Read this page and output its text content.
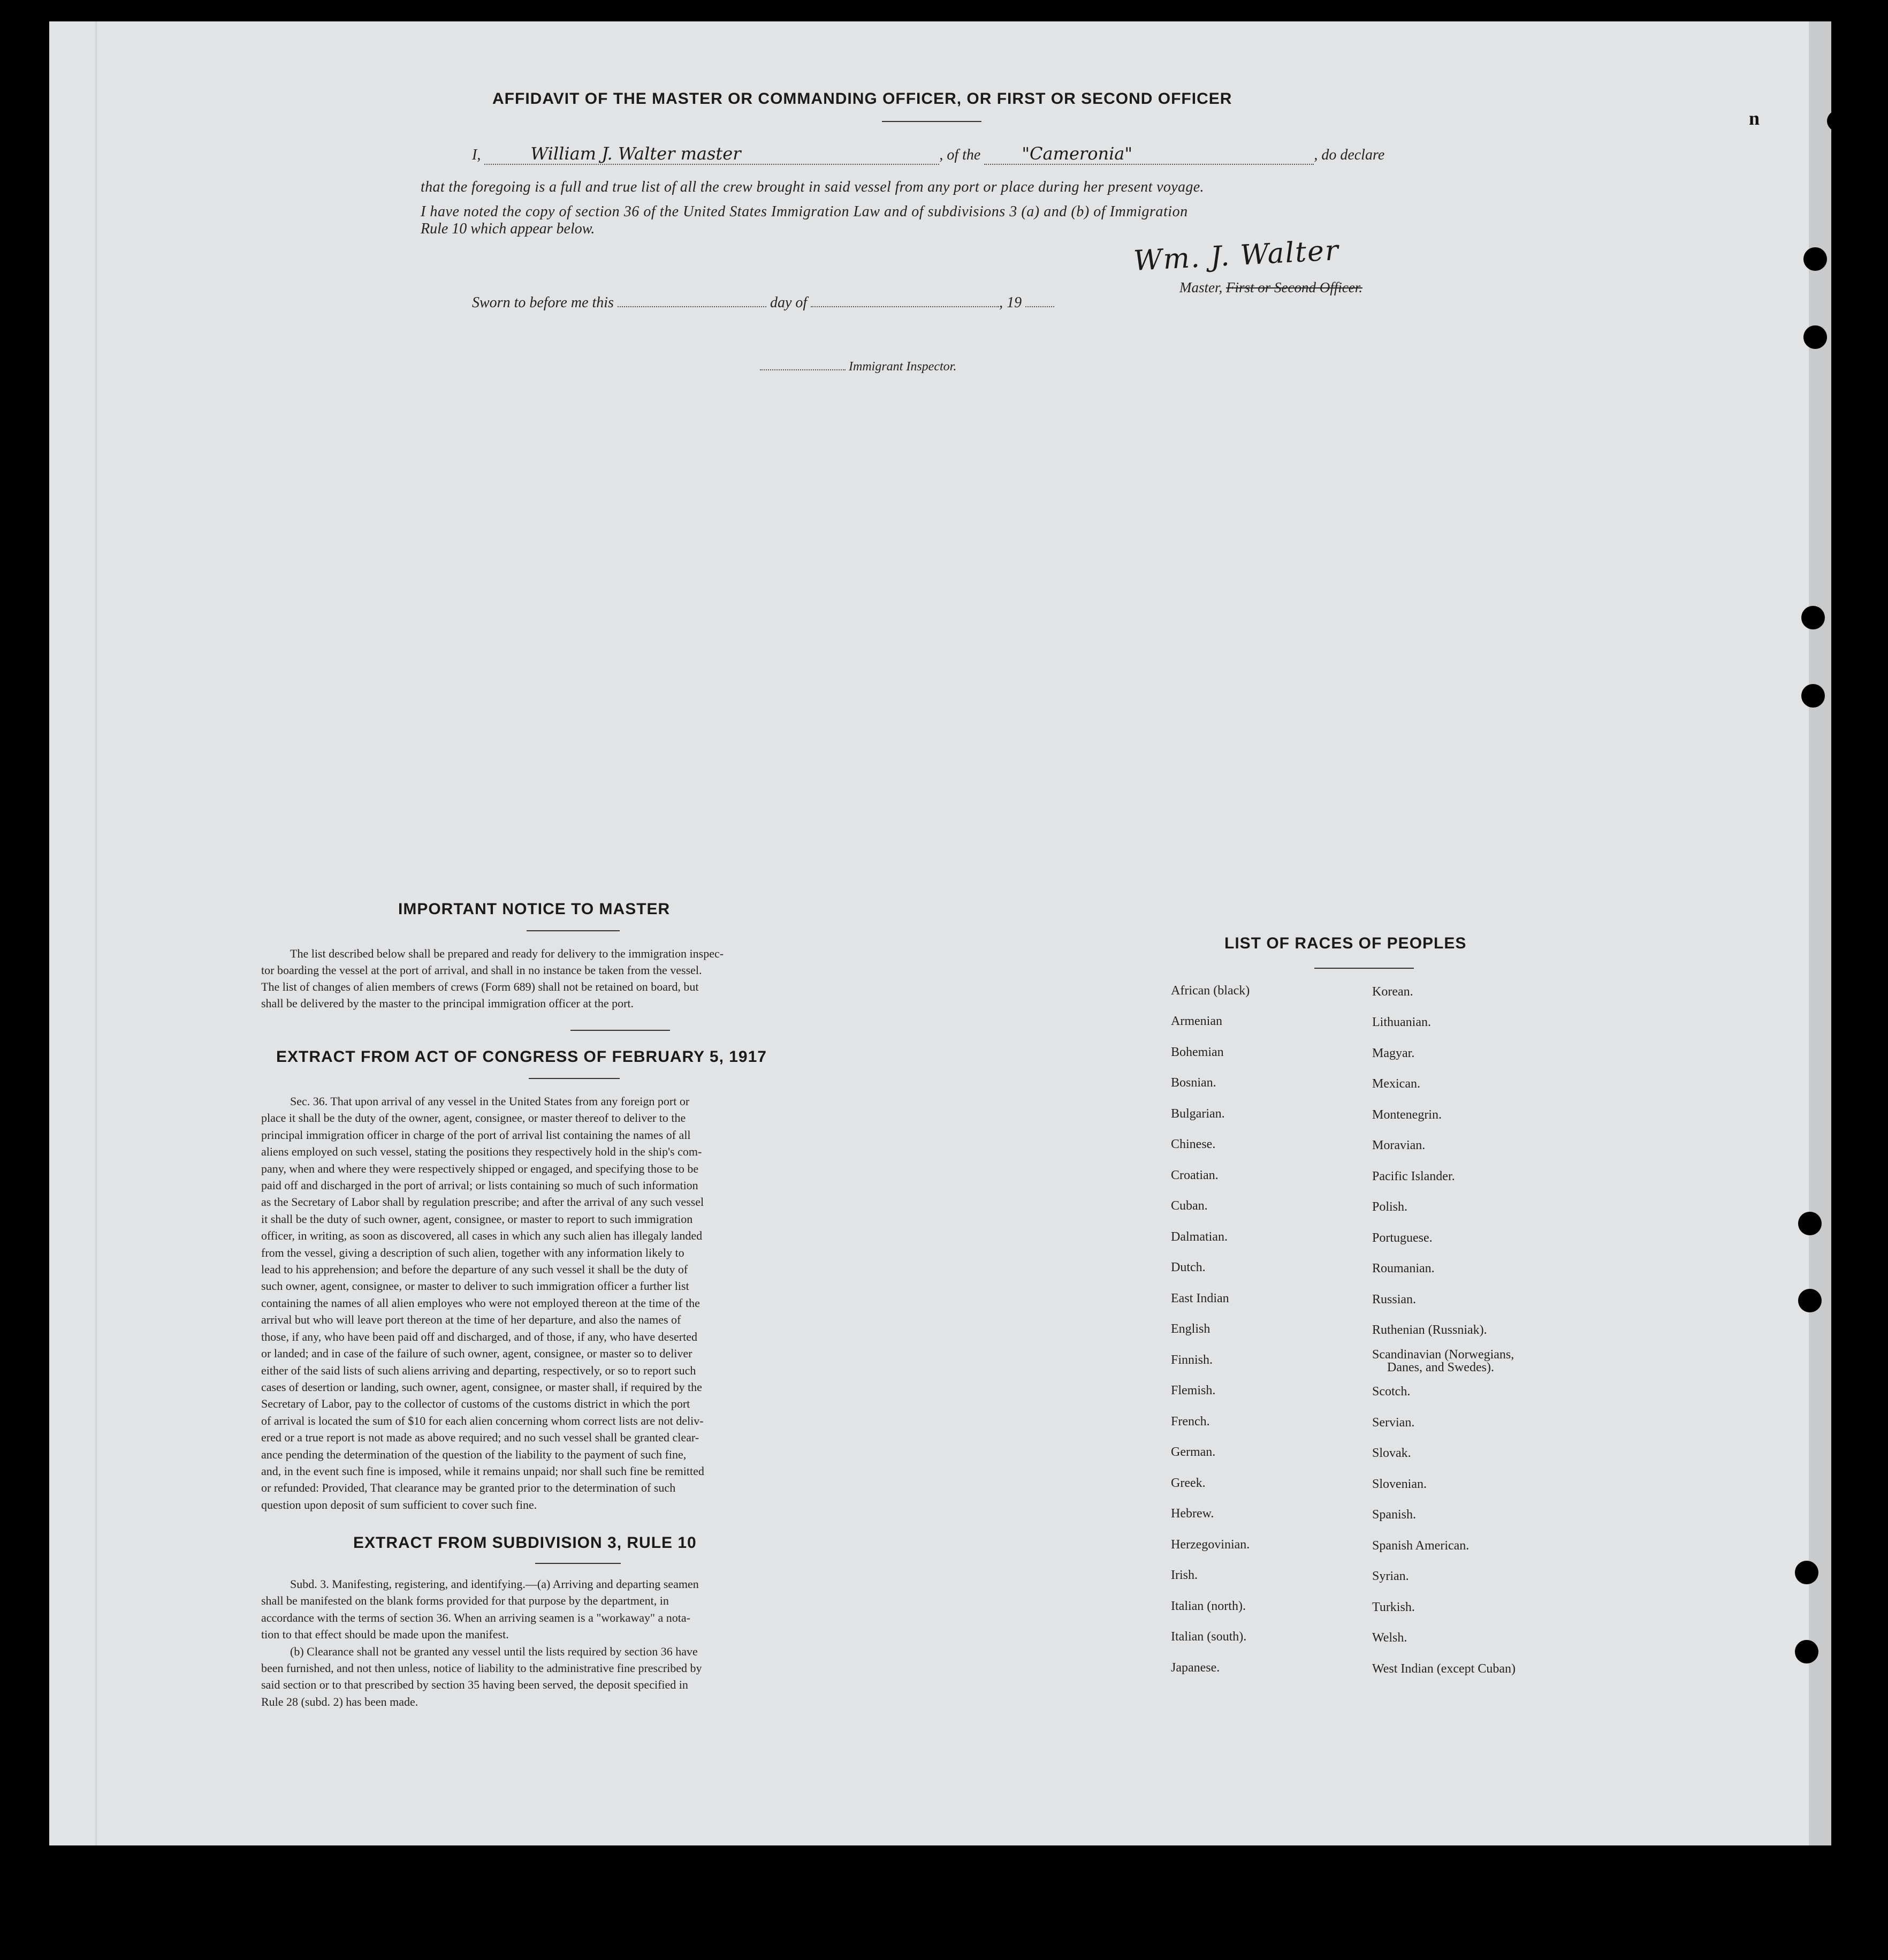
n
AFFIDAVIT OF THE MASTER OR COMMANDING OFFICER, OR FIRST OR SECOND OFFICER
I,	William J. Walter master	, of the "Cameronia"	, do declare
that the foregoing is a full and true list of all the crew brought in said vessel from any port or place during her present voyage.
I have noted the copy of section 36 of the United States Immigration Law and of subdivisions 3 (a) and (b) of Immigration
Rule 10 which appear below.
Wm. J. Walter
Master, First or Second Officer.
Sworn to before me this	day of	, 19
Immigrant Inspector.
IMPORTANT NOTICE TO MASTER
The list described below shall be prepared and ready for delivery to the immigration inspec-
tor boarding the vessel at the port of arrival, and shall in no instance be taken from the vessel.
The list of changes of alien members of crews (Form 689) shall not be retained on board, but
shall be delivered by the master to the principal immigration officer at the port.
EXTRACT FROM ACT OF CONGRESS OF FEBRUARY 5, 1917
Sec. 36. That upon arrival of any vessel in the United States from any foreign port or
place it shall be the duty of the owner, agent, consignee, or master thereof to deliver to the
principal immigration officer in charge of the port of arrival list containing the names of all
aliens employed on such vessel, stating the positions they respectively hold in the ship's com-
pany, when and where they were respectively shipped or engaged, and specifying those to be
paid off and discharged in the port of arrival; or lists containing so much of such information
as the Secretary of Labor shall by regulation prescribe; and after the arrival of any such vessel
it shall be the duty of such owner, agent, consignee, or master to report to such immigration
officer, in writing, as soon as discovered, all cases in which any such alien has illegaly landed
from the vessel, giving a description of such alien, together with any information likely to
lead to his apprehension; and before the departure of any such vessel it shall be the duty of
such owner, agent, consignee, or master to deliver to such immigration officer a further list
containing the names of all alien employes who were not employed thereon at the time of the
arrival but who will leave port thereon at the time of her departure, and also the names of
those, if any, who have been paid off and discharged, and of those, if any, who have deserted
or landed; and in case of the failure of such owner, agent, consignee, or master so to deliver
either of the said lists of such aliens arriving and departing, respectively, or so to report such
cases of desertion or landing, such owner, agent, consignee, or master shall, if required by the
Secretary of Labor, pay to the collector of customs of the customs district in which the port
of arrival is located the sum of $10 for each alien concerning whom correct lists are not deliv-
ered or a true report is not made as above required; and no such vessel shall be granted clear-
ance pending the determination of the question of the liability to the payment of such fine,
and, in the event such fine is imposed, while it remains unpaid; nor shall such fine be remitted
or refunded: Provided, That clearance may be granted prior to the determination of such
question upon deposit of sum sufficient to cover such fine.
EXTRACT FROM SUBDIVISION 3, RULE 10
Subd. 3. Manifesting, registering, and identifying.—(a) Arriving and departing seamen
shall be manifested on the blank forms provided for that purpose by the department, in
accordance with the terms of section 36. When an arriving seamen is a "workaway" a nota-
tion to that effect should be made upon the manifest.
(b) Clearance shall not be granted any vessel until the lists required by section 36 have
been furnished, and not then unless, notice of liability to the administrative fine prescribed by
said section or to that prescribed by section 35 having been served, the deposit specified in
Rule 28 (subd. 2) has been made.
LIST OF RACES OF PEOPLES
African (black)
Armenian
Bohemian
Bosnian.
Bulgarian.
Chinese.
Croatian.
Cuban.
Dalmatian.
Dutch.
East Indian
English
Finnish.
Flemish.
French.
German.
Greek.
Hebrew.
Herzegovinian.
Irish.
Italian (north).
Italian (south).
Japanese.
Korean.
Lithuanian.
Magyar.
Mexican.
Montenegrin.
Moravian.
Pacific Islander.
Polish.
Portuguese.
Roumanian.
Russian.
Ruthenian (Russniak).
Scandinavian (Norwegians,
Danes, and Swedes).
Scotch.
Servian.
Slovak.
Slovenian.
Spanish.
Spanish American.
Syrian.
Turkish.
Welsh.
West Indian (except Cuban)
